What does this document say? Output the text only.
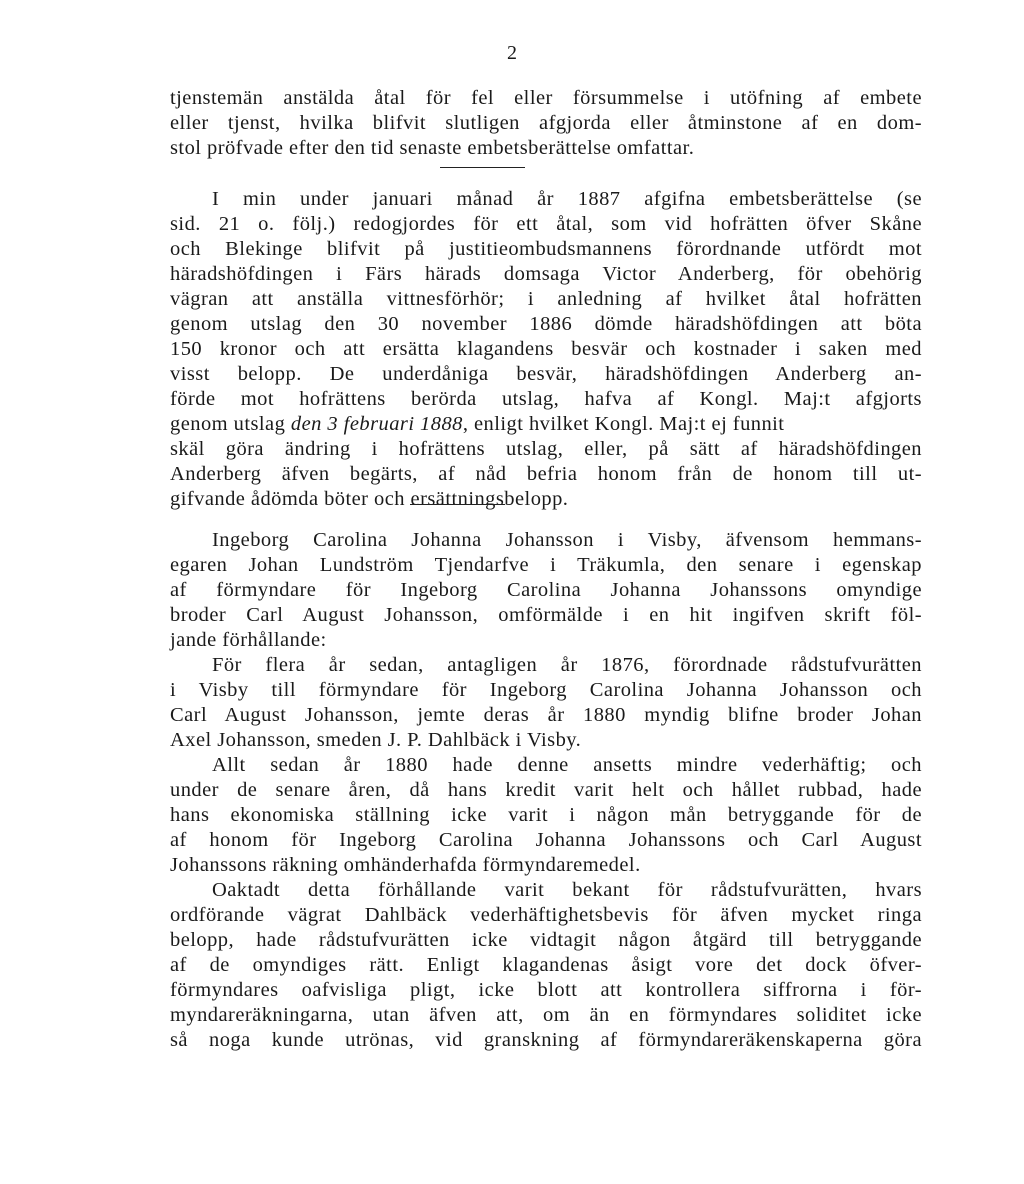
2
tjenstemän anstälda åtal för fel eller försummelse i utöfning af embete
eller tjenst, hvilka blifvit slutligen afgjorda eller åtminstone af en dom-
stol pröfvade efter den tid senaste embetsberättelse omfattar.
I min under januari månad år 1887 afgifna embetsberättelse (se
sid. 21 o. följ.) redogjordes för ett åtal, som vid hofrätten öfver Skåne
och Blekinge blifvit på justitieombudsmannens förordnande utfördt mot
häradshöfdingen i Färs härads domsaga Victor Anderberg, för obehörig
vägran att anställa vittnesförhör; i anledning af hvilket åtal hofrätten
genom utslag den 30 november 1886 dömde häradshöfdingen att böta
150 kronor och att ersätta klagandens besvär och kostnader i saken med
visst belopp. De underdåniga besvär, häradshöfdingen Anderberg an-
förde mot hofrättens berörda utslag, hafva af Kongl. Maj:t afgjorts
genom utslag den 3 februari 1888, enligt hvilket Kongl. Maj:t ej funnit
skäl göra ändring i hofrättens utslag, eller, på sätt af häradshöfdingen
Anderberg äfven begärts, af nåd befria honom från de honom till ut-
gifvande ådömda böter och ersättningsbelopp.
Ingeborg Carolina Johanna Johansson i Visby, äfvensom hemmans-
egaren Johan Lundström Tjendarfve i Träkumla, den senare i egenskap
af förmyndare för Ingeborg Carolina Johanna Johanssons omyndige
broder Carl August Johansson, omförmälde i en hit ingifven skrift föl-
jande förhållande:
För flera år sedan, antagligen år 1876, förordnade rådstufvurätten
i Visby till förmyndare för Ingeborg Carolina Johanna Johansson och
Carl August Johansson, jemte deras år 1880 myndig blifne broder Johan
Axel Johansson, smeden J. P. Dahlbäck i Visby.
Allt sedan år 1880 hade denne ansetts mindre vederhäftig; och
under de senare åren, då hans kredit varit helt och hållet rubbad, hade
hans ekonomiska ställning icke varit i någon mån betryggande för de
af honom för Ingeborg Carolina Johanna Johanssons och Carl August
Johanssons räkning omhänderhafda förmyndaremedel.
Oaktadt detta förhållande varit bekant för rådstufvurätten, hvars
ordförande vägrat Dahlbäck vederhäftighetsbevis för äfven mycket ringa
belopp, hade rådstufvurätten icke vidtagit någon åtgärd till betryggande
af de omyndiges rätt. Enligt klagandenas åsigt vore det dock öfver-
förmyndares oafvisliga pligt, icke blott att kontrollera siffrorna i för-
myndareräkningarna, utan äfven att, om än en förmyndares soliditet icke
så noga kunde utrönas, vid granskning af förmyndareräkenskaperna göra
